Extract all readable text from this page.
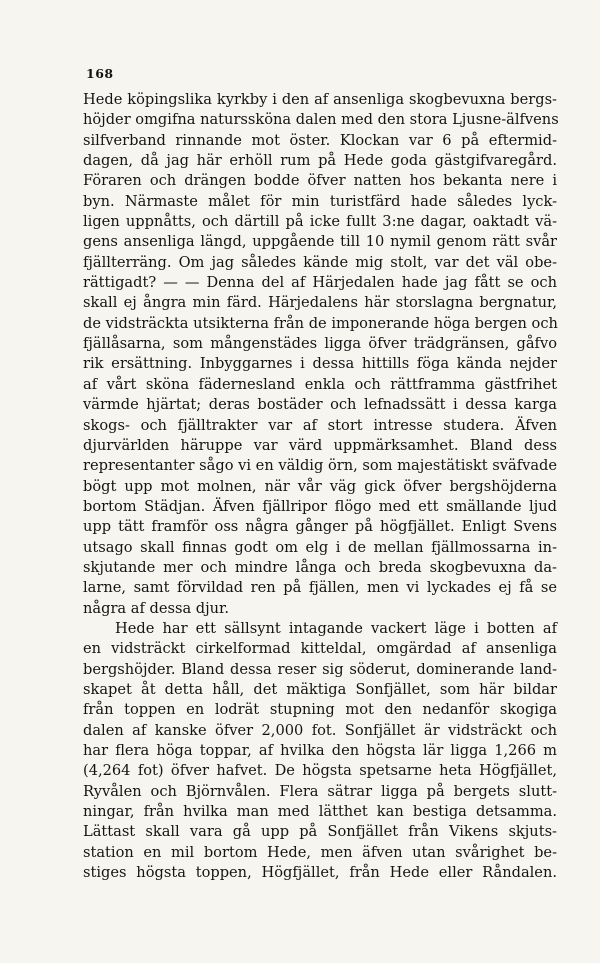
168
Hede köpingslika kyrkby i den af ansenliga skogbevuxna bergs-
höjder omgifna naturssköna dalen med den stora Ljusne-älfvens
silfverband rinnande mot öster. Klockan var 6 på eftermid-
dagen, då jag här erhöll rum på Hede goda gästgifvaregård.
Föraren och drängen bodde öfver natten hos bekanta nere i
byn. Närmaste målet för min turistfärd hade således lyck-
ligen uppnåtts, och därtill på icke fullt 3:ne dagar, oaktadt vä-
gens ansenliga längd, uppgående till 10 nymil genom rätt svår
fjällterräng. Om jag således kände mig stolt, var det väl obe-
rättigadt? — — Denna del af Härjedalen hade jag fått se och
skall ej ångra min färd. Härjedalens här storslagna bergnatur,
de vidsträckta utsikterna från de imponerande höga bergen och
fjällåsarna, som mångenstädes ligga öfver trädgränsen, gåfvo
rik ersättning. Inbyggarnes i dessa hittills föga kända nejder
af vårt sköna fädernesland enkla och rättframma gästfrihet
värmde hjärtat; deras bostäder och lefnadssätt i dessa karga
skogs- och fjälltrakter var af stort intresse studera. Äfven
djurvärlden häruppe var värd uppmärksamhet. Bland dess
representanter sågo vi en väldig örn, som majestätiskt sväfvade
bögt upp mot molnen, när vår väg gick öfver bergshöjderna
bortom Städjan. Äfven fjällripor flögo med ett smällande ljud
upp tätt framför oss några gånger på högfjället. Enligt Svens
utsago skall finnas godt om elg i de mellan fjällmossarna in-
skjutande mer och mindre långa och breda skogbevuxna da-
larne, samt förvildad ren på fjällen, men vi lyckades ej få se
några af dessa djur.
Hede har ett sällsynt intagande vackert läge i botten af
en vidsträckt cirkelformad kitteldal, omgärdad af ansenliga
bergshöjder. Bland dessa reser sig söderut, dominerande land-
skapet åt detta håll, det mäktiga Sonfjället, som här bildar
från toppen en lodrät stupning mot den nedanför skogiga
dalen af kanske öfver 2,000 fot. Sonfjället är vidsträckt och
har flera höga toppar, af hvilka den högsta lär ligga 1,266 m
(4,264 fot) öfver hafvet. De högsta spetsarne heta Högfjället,
Ryvålen och Björnvålen. Flera sätrar ligga på bergets slutt-
ningar, från hvilka man med lätthet kan bestiga detsamma.
Lättast skall vara gå upp på Sonfjället från Vikens skjuts-
station en mil bortom Hede, men äfven utan svårighet be-
stiges högsta toppen, Högfjället, från Hede eller Råndalen.
